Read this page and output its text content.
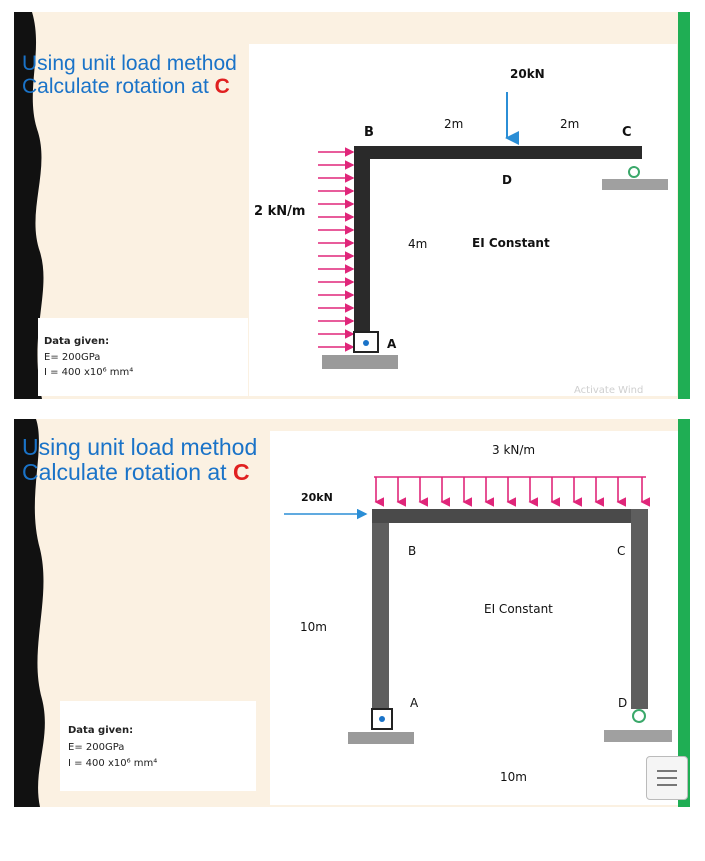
Using unit load method
Calculate rotation at C
Data given:
E= 200GPa
I = 400 x10⁶ mm⁴
20kN
2 kN/m
B	C
D
A
2m	2m
4m	EI Constant
Activate Wind
Using unit load method
Calculate rotation at C
Data given:
E= 200GPa
I = 400 x10⁶ mm⁴
3 kN/m
20kN
B	C
A	D
10m
10m
EI Constant
